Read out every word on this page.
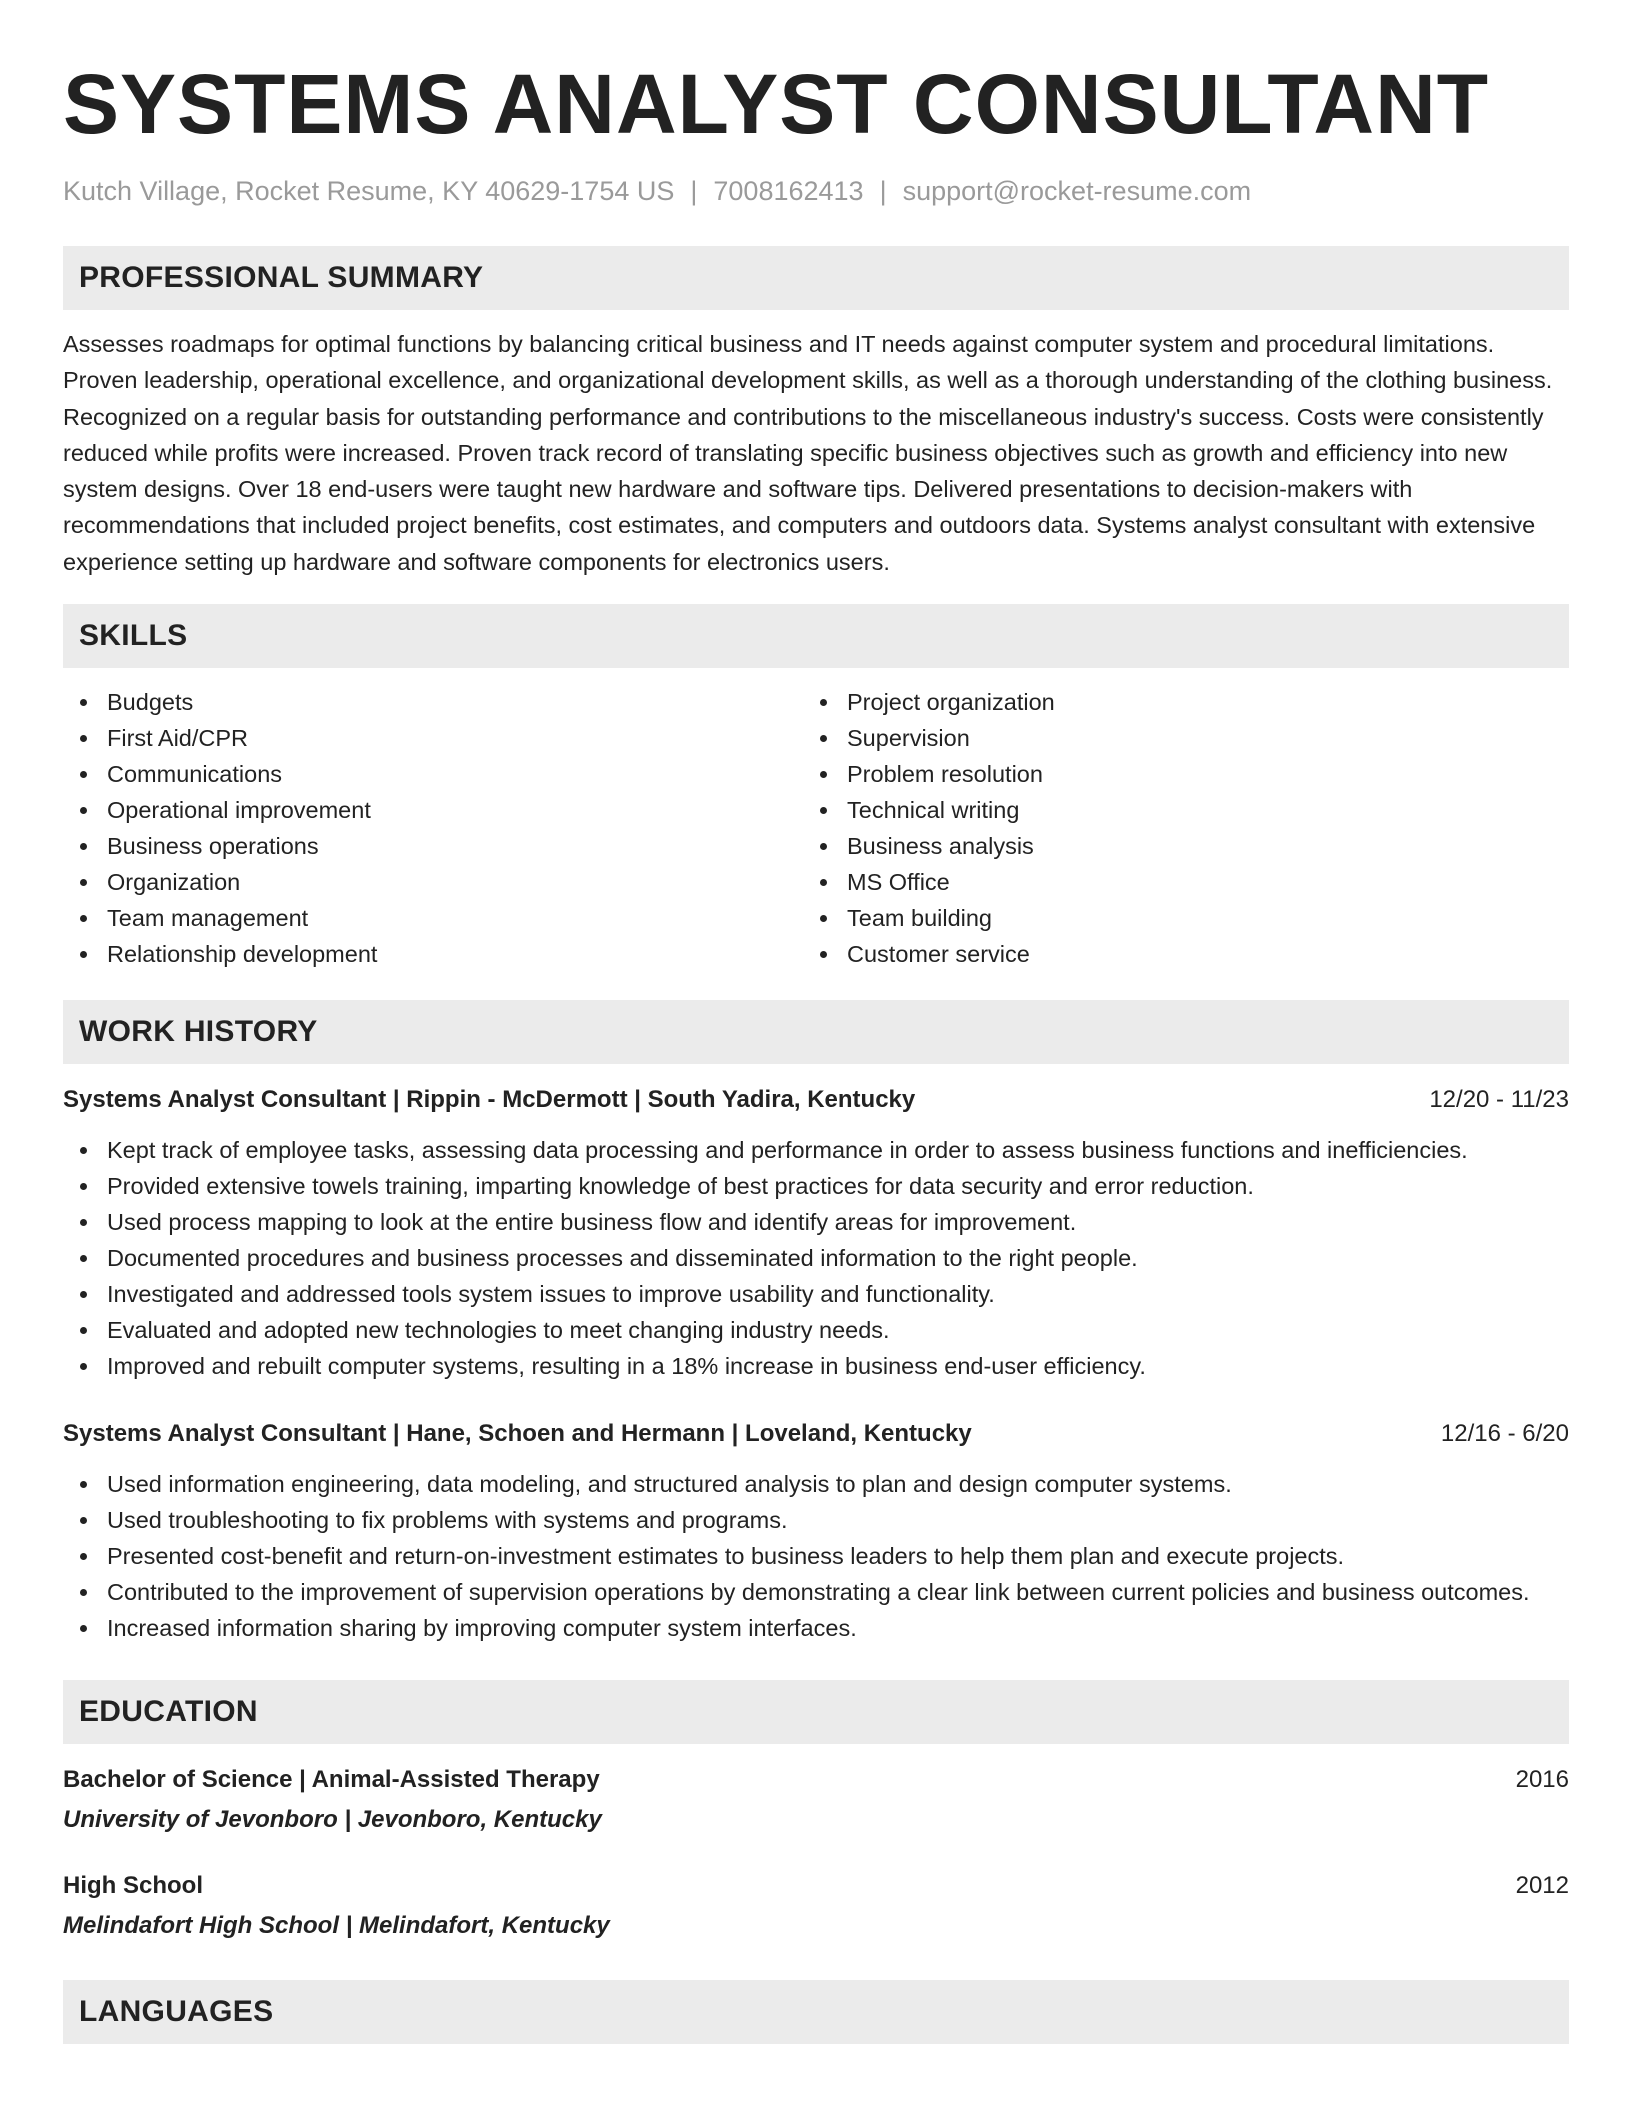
SYSTEMS ANALYST CONSULTANT
Kutch Village, Rocket Resume, KY 40629-1754 US | 7008162413 | support@rocket-resume.com
PROFESSIONAL SUMMARY
Assesses roadmaps for optimal functions by balancing critical business and IT needs against computer system and procedural limitations. Proven leadership, operational excellence, and organizational development skills, as well as a thorough understanding of the clothing business. Recognized on a regular basis for outstanding performance and contributions to the miscellaneous industry's success. Costs were consistently reduced while profits were increased. Proven track record of translating specific business objectives such as growth and efficiency into new system designs. Over 18 end-users were taught new hardware and software tips. Delivered presentations to decision-makers with recommendations that included project benefits, cost estimates, and computers and outdoors data. Systems analyst consultant with extensive experience setting up hardware and software components for electronics users.
SKILLS
Budgets
First Aid/CPR
Communications
Operational improvement
Business operations
Organization
Team management
Relationship development
Project organization
Supervision
Problem resolution
Technical writing
Business analysis
MS Office
Team building
Customer service
WORK HISTORY
Systems Analyst Consultant | Rippin - McDermott | South Yadira, Kentucky	12/20 - 11/23
Kept track of employee tasks, assessing data processing and performance in order to assess business functions and inefficiencies.
Provided extensive towels training, imparting knowledge of best practices for data security and error reduction.
Used process mapping to look at the entire business flow and identify areas for improvement.
Documented procedures and business processes and disseminated information to the right people.
Investigated and addressed tools system issues to improve usability and functionality.
Evaluated and adopted new technologies to meet changing industry needs.
Improved and rebuilt computer systems, resulting in a 18% increase in business end-user efficiency.
Systems Analyst Consultant | Hane, Schoen and Hermann | Loveland, Kentucky	12/16 - 6/20
Used information engineering, data modeling, and structured analysis to plan and design computer systems.
Used troubleshooting to fix problems with systems and programs.
Presented cost-benefit and return-on-investment estimates to business leaders to help them plan and execute projects.
Contributed to the improvement of supervision operations by demonstrating a clear link between current policies and business outcomes.
Increased information sharing by improving computer system interfaces.
EDUCATION
Bachelor of Science | Animal-Assisted Therapy	2016
University of Jevonboro | Jevonboro, Kentucky
High School	2012
Melindafort High School | Melindafort, Kentucky
LANGUAGES
